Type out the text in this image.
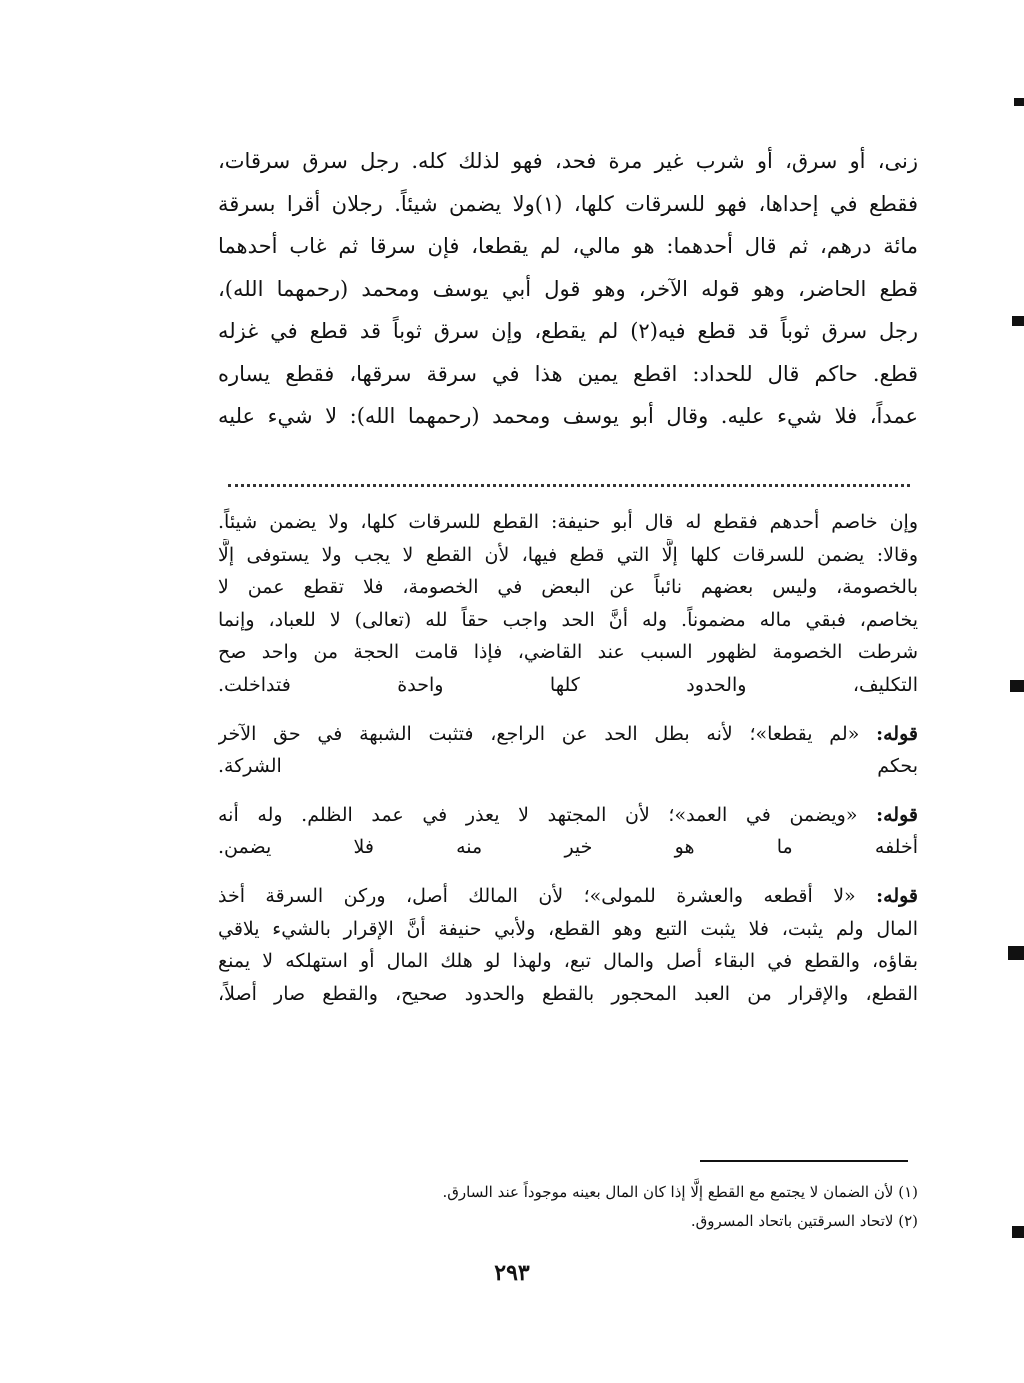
زنى، أو سرق، أو شرب غير مرة فحد، فهو لذلك كله. رجل سرق سرقات،
فقطع في إحداها، فهو للسرقات كلها، (١)ولا يضمن شيئاً. رجلان أقرا بسرقة
مائة درهم، ثم قال أحدهما: هو مالي، لم يقطعا، فإن سرقا ثم غاب أحدهما
قطع الحاضر، وهو قوله الآخر، وهو قول أبي يوسف ومحمد (رحمهما الله)،
رجل سرق ثوباً قد قطع فيه(٢) لم يقطع، وإن سرق ثوباً قد قطع في غزله
قطع. حاكم قال للحداد: اقطع يمين هذا في سرقة سرقها، فقطع يساره
عمداً، فلا شيء عليه. وقال أبو يوسف ومحمد (رحمهما الله): لا شيء عليه
وإن خاصم أحدهم فقطع له قال أبو حنيفة: القطع للسرقات كلها، ولا يضمن شيئاً.
وقالا: يضمن للسرقات كلها إلَّا التي قطع فيها، لأن القطع لا يجب ولا يستوفى إلَّا
بالخصومة، وليس بعضهم نائباً عن البعض في الخصومة، فلا تقطع عمن لا
يخاصم، فبقي ماله مضموناً. وله أنَّ الحد واجب حقاً لله (تعالى) لا للعباد، وإنما
شرطت الخصومة لظهور السبب عند القاضي، فإذا قامت الحجة من واحد صح
التكليف، والحدود كلها واحدة فتداخلت.
قوله: «لم يقطعا»؛ لأنه بطل الحد عن الراجع، فتثبت الشبهة في حق الآخر
بحكم الشركة.
قوله: «ويضمن في العمد»؛ لأن المجتهد لا يعذر في عمد الظلم. وله أنه
أخلفه ما هو خير منه فلا يضمن.
قوله: «لا أقطعه والعشرة للمولى»؛ لأن المالك أصل، وركن السرقة أخذ
المال ولم يثبت، فلا يثبت التبع وهو القطع، ولأبي حنيفة أنَّ الإقرار بالشيء يلاقي
بقاؤه، والقطع في البقاء أصل والمال تبع، ولهذا لو هلك المال أو استهلكه لا يمنع
القطع، والإقرار من العبد المحجور بالقطع والحدود صحيح، والقطع صار أصلاً،
(١) لأن الضمان لا يجتمع مع القطع إلَّا إذا كان المال بعينه موجوداً عند السارق.
(٢) لاتحاد السرقتين باتحاد المسروق.
٢٩٣
